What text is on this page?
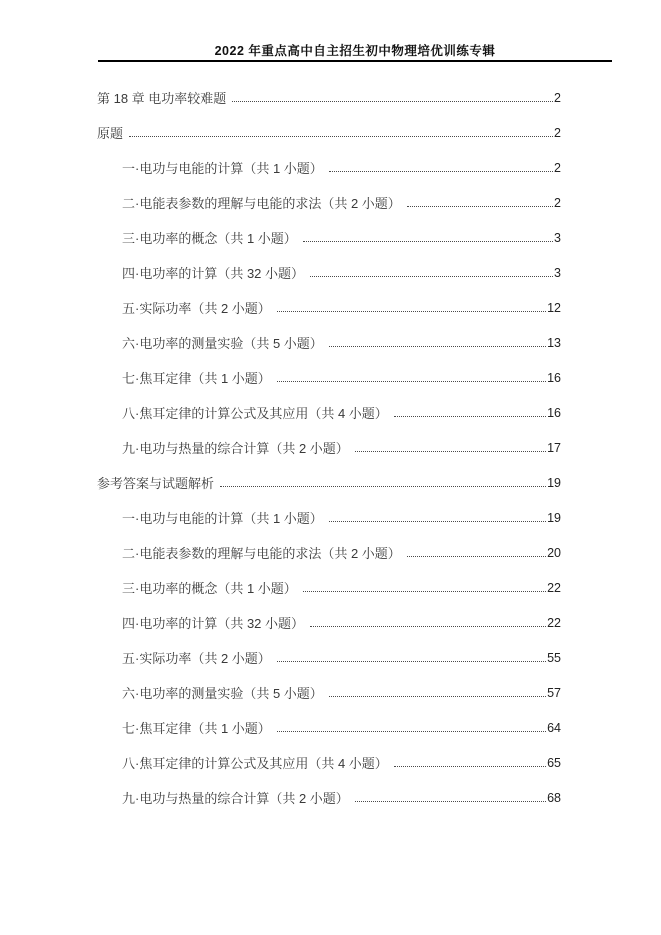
2022 年重点高中自主招生初中物理培优训练专辑
第 18 章 电功率较难题	2
原题	2
一·电功与电能的计算（共 1 小题）	2
二·电能表参数的理解与电能的求法（共 2 小题）	2
三·电功率的概念（共 1 小题）	3
四·电功率的计算（共 32 小题）	3
五·实际功率（共 2 小题）	12
六·电功率的测量实验（共 5 小题）	13
七·焦耳定律（共 1 小题）	16
八·焦耳定律的计算公式及其应用（共 4 小题）	16
九·电功与热量的综合计算（共 2 小题）	17
参考答案与试题解析	19
一·电功与电能的计算（共 1 小题）	19
二·电能表参数的理解与电能的求法（共 2 小题）	20
三·电功率的概念（共 1 小题）	22
四·电功率的计算（共 32 小题）	22
五·实际功率（共 2 小题）	55
六·电功率的测量实验（共 5 小题）	57
七·焦耳定律（共 1 小题）	64
八·焦耳定律的计算公式及其应用（共 4 小题）	65
九·电功与热量的综合计算（共 2 小题）	68
